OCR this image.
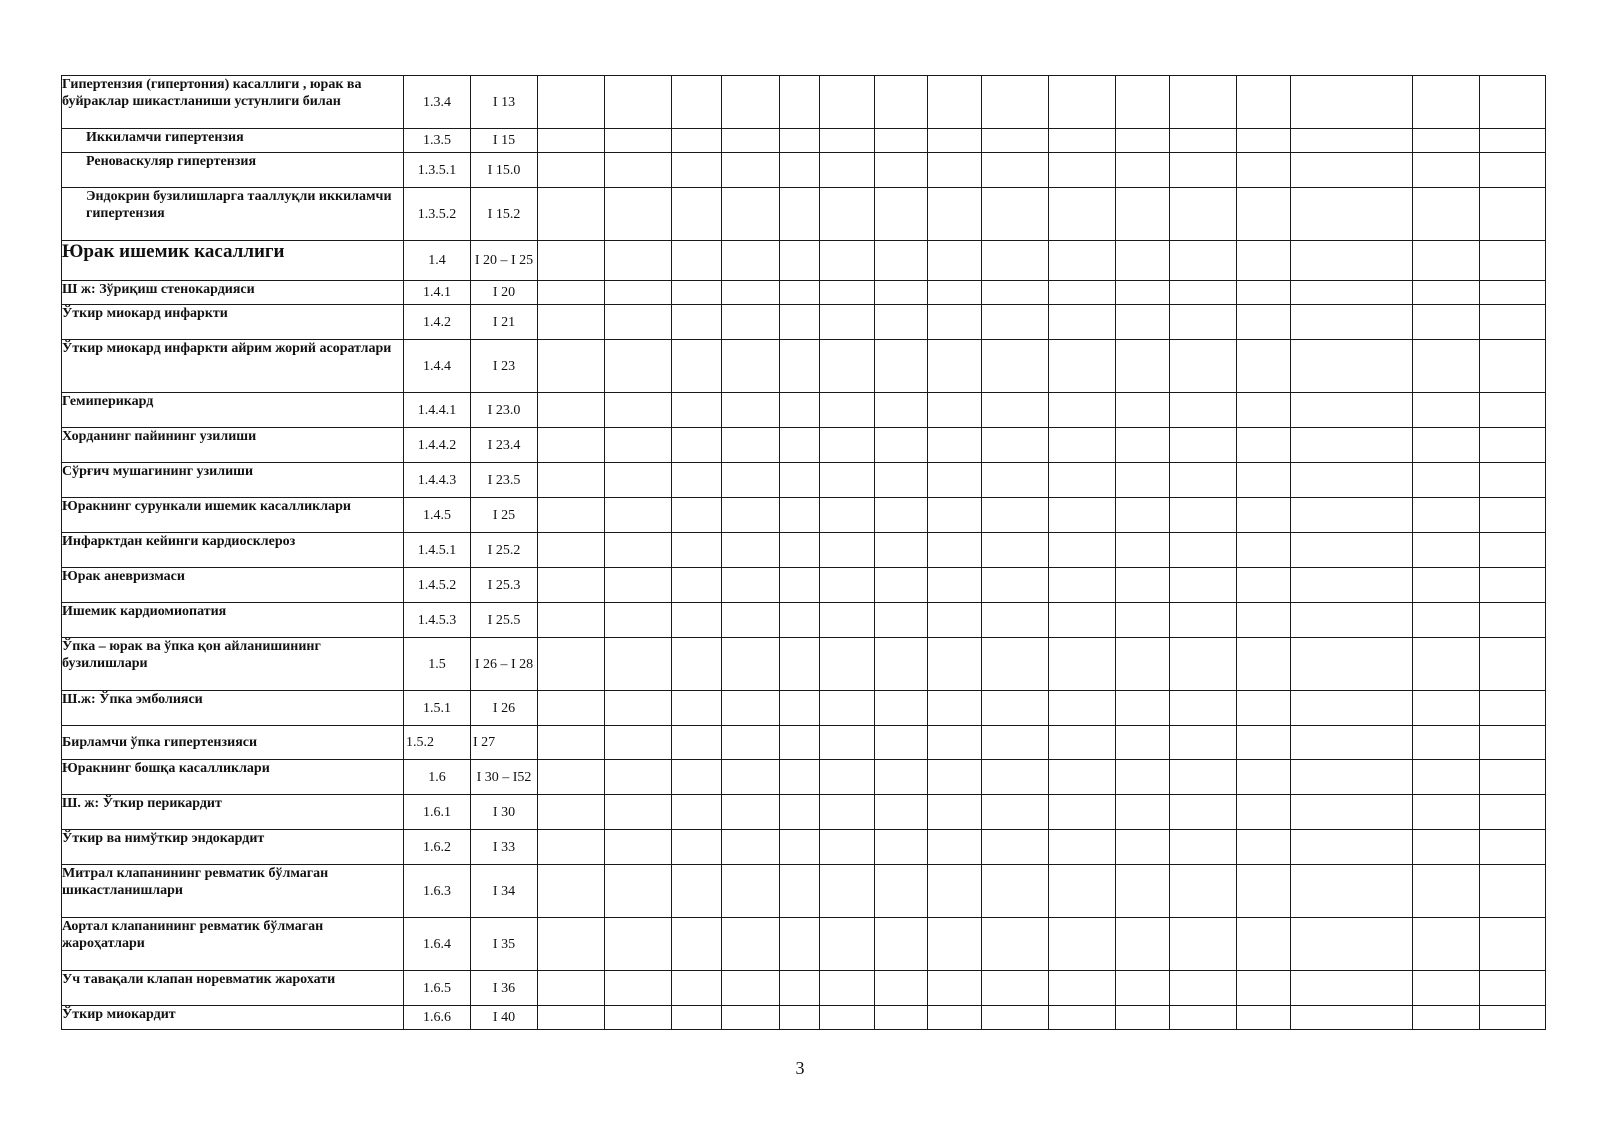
Гипертензия (гипертония) касаллиги , юрак ва буйраклар шикастланиши устунлиги билан	1.3.4	I 13																
Иккиламчи гипертензия	1.3.5	I 15																
Реноваскуляр гипертензия	1.3.5.1	I 15.0																
Эндокрин бузилишларга тааллуқли иккиламчи гипертензия	1.3.5.2	I 15.2																
Юрак ишемик касаллиги	1.4	I 20 – I 25																
Ш ж: Зўриқиш стенокардияси	1.4.1	I 20																
Ўткир миокард инфаркти	1.4.2	I 21																
Ўткир миокард инфаркти айрим жорий асоратлари	1.4.4	I 23																
Гемиперикард	1.4.4.1	I 23.0																
Хорданинг пайининг узилиши	1.4.4.2	I 23.4																
Сўрғич мушагининг узилиши	1.4.4.3	I 23.5																
Юракнинг сурункали ишемик касалликлари	1.4.5	I 25																
Инфарктдан кейинги кардиосклероз	1.4.5.1	I 25.2																
Юрак аневризмаси	1.4.5.2	I 25.3																
Ишемик кардиомиопатия	1.4.5.3	I 25.5																
Ўпка – юрак ва ўпка қон айланишининг бузилишлари	1.5	I 26 – I 28																
Ш.ж: Ўпка эмболияси	1.5.1	I 26																
Бирламчи ўпка гипертензияси	1.5.2	I 27																
Юракнинг бошқа касалликлари	1.6	I 30 – I52																
Ш. ж: Ўткир перикардит	1.6.1	I 30																
Ўткир ва нимўткир эндокардит	1.6.2	I 33																
Митрал клапанининг ревматик бўлмаган шикастланишлари	1.6.3	I 34																
Аортал клапанининг ревматик бўлмаган жароҳатлари	1.6.4	I 35																
Уч тавақали клапан норевматик жарохати	1.6.5	I 36																
Ўткир миокардит	1.6.6	I 40																
3
